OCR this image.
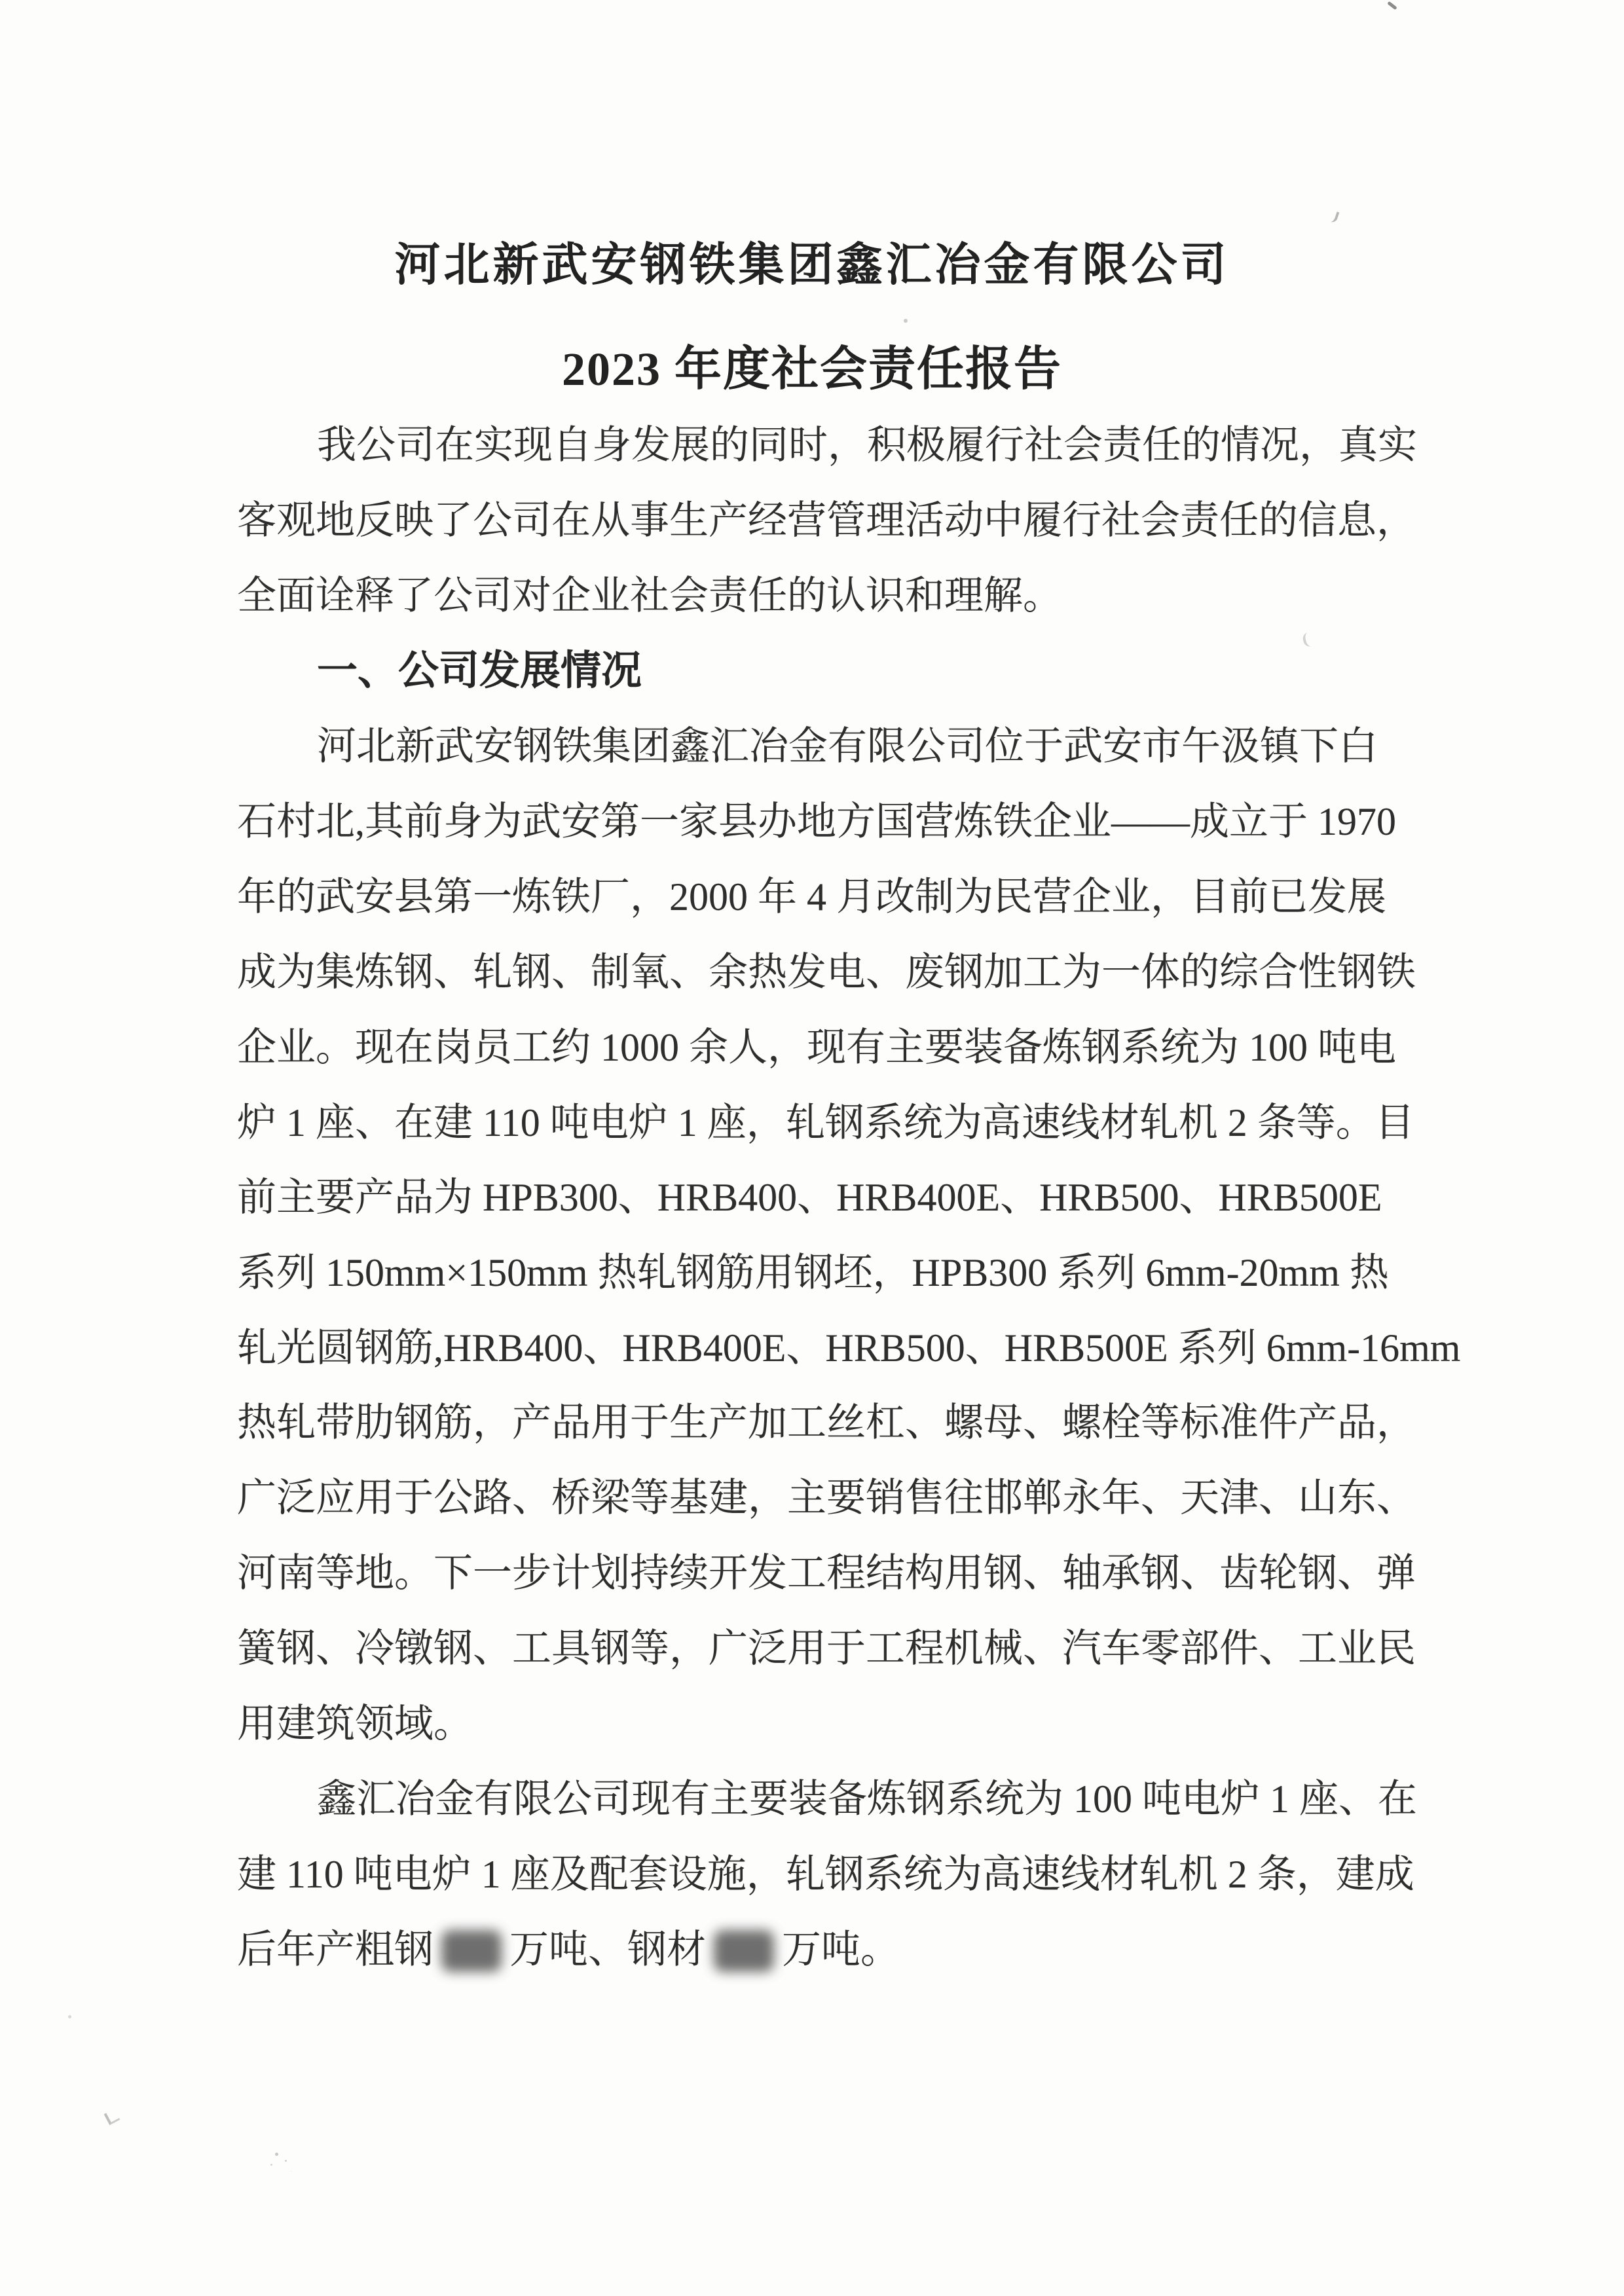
河北新武安钢铁集团鑫汇冶金有限公司
2023 年度社会责任报告
我公司在实现自身发展的同时，积极履行社会责任的情况，真实
客观地反映了公司在从事生产经营管理活动中履行社会责任的信息，
全面诠释了公司对企业社会责任的认识和理解。
一、公司发展情况
河北新武安钢铁集团鑫汇冶金有限公司位于武安市午汲镇下白
石村北,其前身为武安第一家县办地方国营炼铁企业——成立于 1970
年的武安县第一炼铁厂，2000 年 4 月改制为民营企业，目前已发展
成为集炼钢、轧钢、制氧、余热发电、废钢加工为一体的综合性钢铁
企业。现在岗员工约 1000 余人，现有主要装备炼钢系统为 100 吨电
炉 1 座、在建 110 吨电炉 1 座，轧钢系统为高速线材轧机 2 条等。目
前主要产品为 HPB300、HRB400、HRB400E、HRB500、HRB500E
系列 150mm×150mm 热轧钢筋用钢坯，HPB300 系列 6mm-20mm 热
轧光圆钢筋,HRB400、HRB400E、HRB500、HRB500E 系列 6mm-16mm
热轧带肋钢筋，产品用于生产加工丝杠、螺母、螺栓等标准件产品，
广泛应用于公路、桥梁等基建，主要销售往邯郸永年、天津、山东、
河南等地。下一步计划持续开发工程结构用钢、轴承钢、齿轮钢、弹
簧钢、冷镦钢、工具钢等，广泛用于工程机械、汽车零部件、工业民
用建筑领域。
鑫汇冶金有限公司现有主要装备炼钢系统为 100 吨电炉 1 座、在
建 110 吨电炉 1 座及配套设施，轧钢系统为高速线材轧机 2 条，建成
后年产粗钢 万吨、钢材 万吨。
